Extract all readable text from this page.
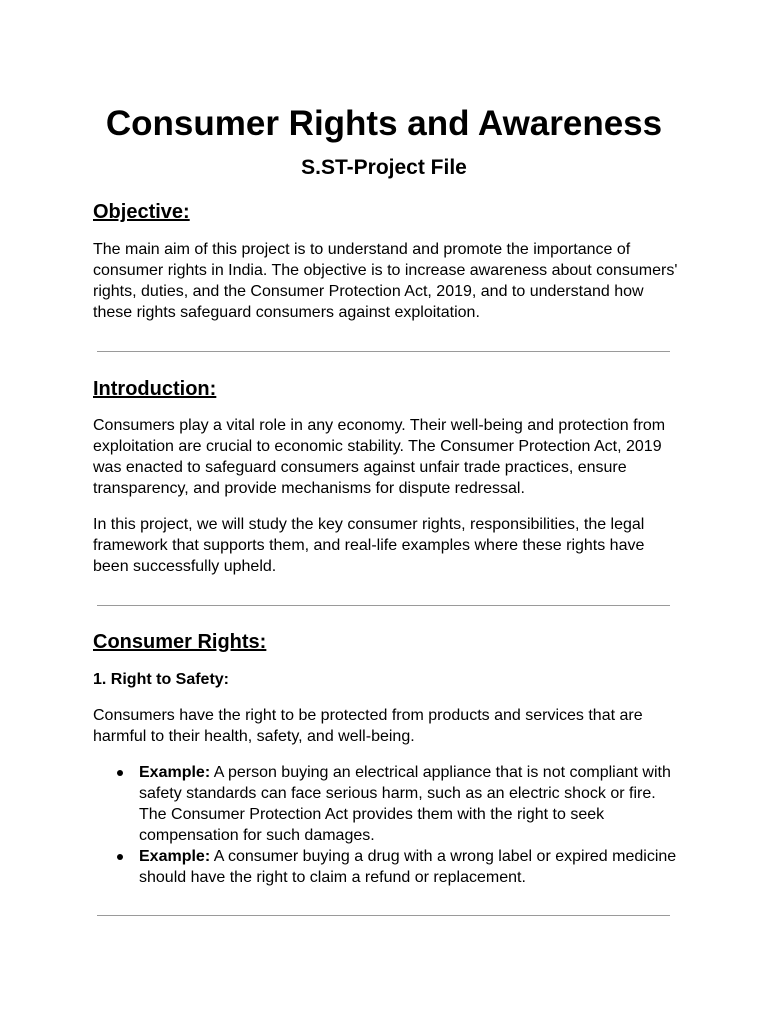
Consumer Rights and Awareness
S.ST-Project File
Objective:

The main aim of this project is to understand and promote the importance of consumer rights in India. The objective is to increase awareness about consumers' rights, duties, and the Consumer Protection Act, 2019, and to understand how these rights safeguard consumers against exploitation.

Introduction:

Consumers play a vital role in any economy. Their well-being and protection from exploitation are crucial to economic stability. The Consumer Protection Act, 2019 was enacted to safeguard consumers against unfair trade practices, ensure transparency, and provide mechanisms for dispute redressal.

In this project, we will study the key consumer rights, responsibilities, the legal framework that supports them, and real-life examples where these rights have been successfully upheld.

Consumer Rights:
1. Right to Safety:

Consumers have the right to be protected from products and services that are harmful to their health, safety, and well-being.

Example: A person buying an electrical appliance that is not compliant with safety standards can face serious harm, such as an electric shock or fire. The Consumer Protection Act provides them with the right to seek compensation for such damages.
Example: A consumer buying a drug with a wrong label or expired medicine should have the right to claim a refund or replacement.
